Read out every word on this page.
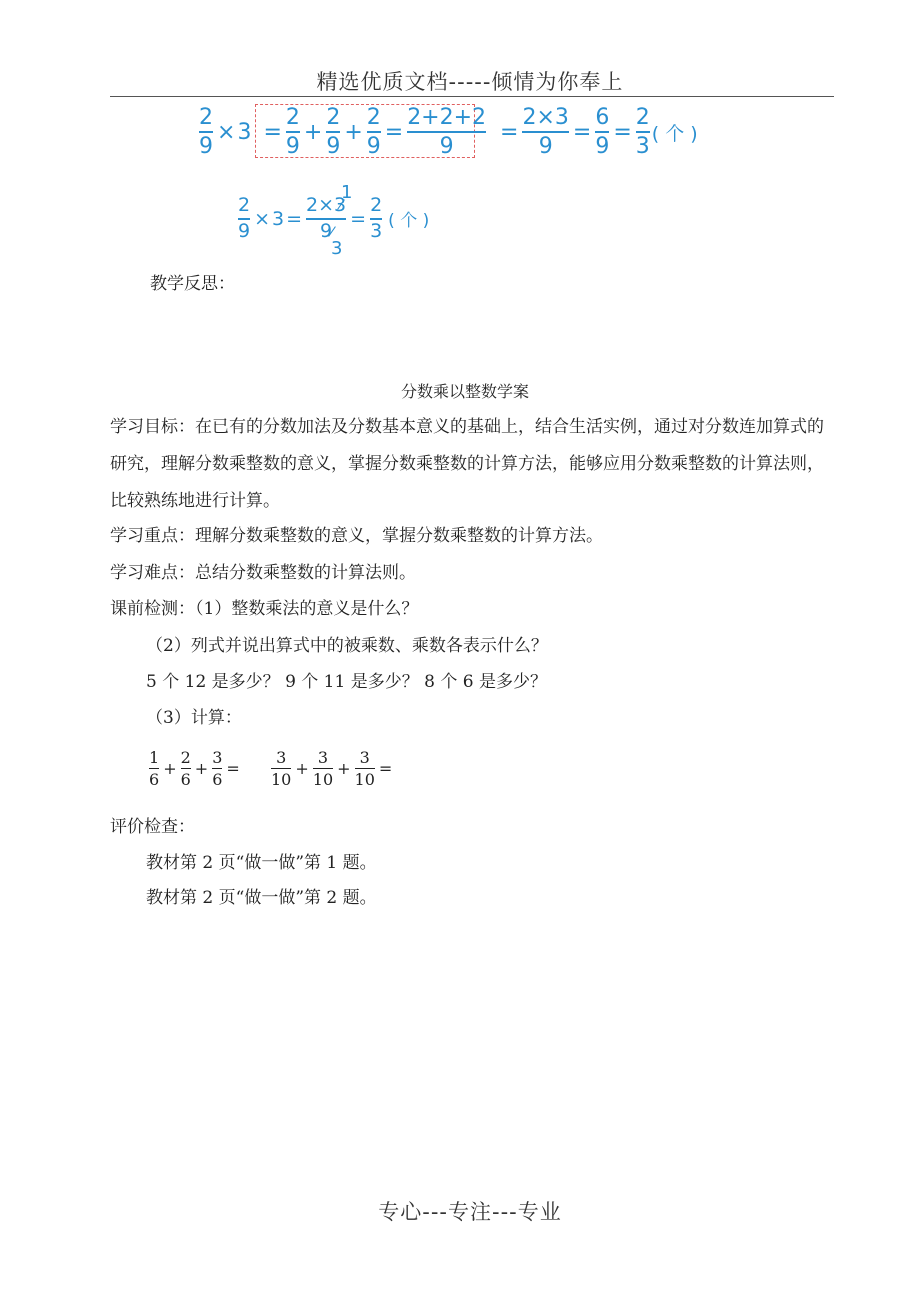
精选优质文档-----倾情为你奉上
$\frac{2}{9} \times 3 = \frac{2}{9} + \frac{2}{9} + \frac{2}{9} = \frac{2+2+2}{9} = \frac{2\times 3}{9} = \frac{6}{9} = \frac{2}{3}$ ( 个 )
1
$\frac{2}{9} \times 3 = \frac{2\times 3}{9} = \frac{2}{3}$ ( 个 )
3
教学反思：
分数乘以整数学案
学习目标：在已有的分数加法及分数基本意义的基础上，结合生活实例，通过对分数连加算式的研究，理解分数乘整数的意义，掌握分数乘整数的计算方法，能够应用分数乘整数的计算法则，比较熟练地进行计算。
学习重点：理解分数乘整数的意义，掌握分数乘整数的计算方法。
学习难点：总结分数乘整数的计算法则。
课前检测：（1）整数乘法的意义是什么？
（2）列式并说出算式中的被乘数、乘数各表示什么？
5 个 12 是多少？ 9 个 11 是多少？ 8 个 6 是多少？
（3）计算：
1
6
+
2
6
+
3
6
=
3
10
+
3
10
+
3
10
=
评价检查：
教材第 2 页“做一做”第 1 题。
教材第 2 页“做一做”第 2 题。
专心---专注---专业
